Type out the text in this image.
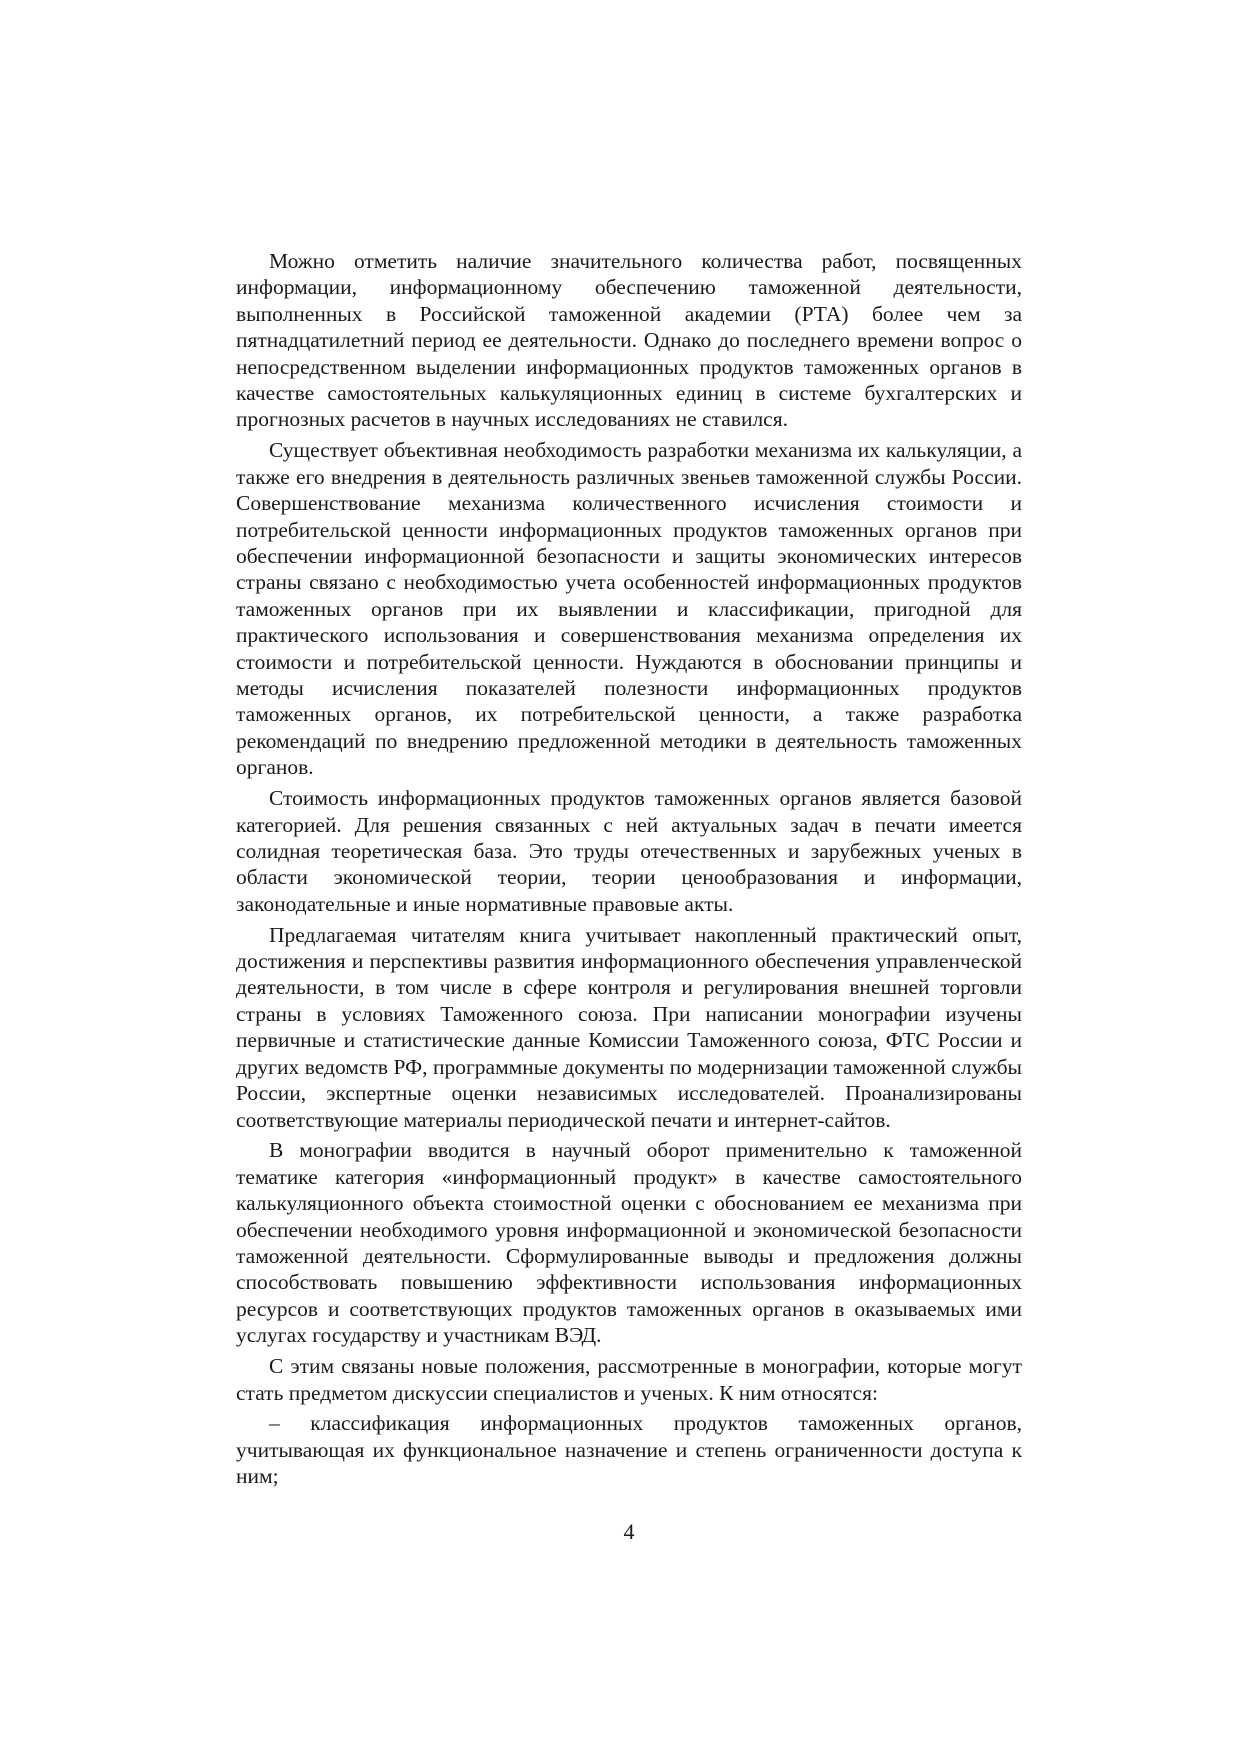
Можно отметить наличие значительного количества работ, посвященных информации, информационному обеспечению таможенной деятельности, выполненных в Российской таможенной академии (РТА) более чем за пятнадцатилетний период ее деятельности. Однако до последнего времени вопрос о непосредственном выделении информационных продуктов таможенных органов в качестве самостоятельных калькуляционных единиц в системе бухгалтерских и прогнозных расчетов в научных исследованиях не ставился.

Существует объективная необходимость разработки механизма их калькуляции, а также его внедрения в деятельность различных звеньев таможенной службы России. Совершенствование механизма количественного исчисления стоимости и потребительской ценности информационных продуктов таможенных органов при обеспечении информационной безопасности и защиты экономических интересов страны связано с необходимостью учета особенностей информационных продуктов таможенных органов при их выявлении и классификации, пригодной для практического использования и совершенствования механизма определения их стоимости и потребительской ценности. Нуждаются в обосновании принципы и методы исчисления показателей полезности информационных продуктов таможенных органов, их потребительской ценности, а также разработка рекомендаций по внедрению предложенной методики в деятельность таможенных органов.

Стоимость информационных продуктов таможенных органов является базовой категорией. Для решения связанных с ней актуальных задач в печати имеется солидная теоретическая база. Это труды отечественных и зарубежных ученых в области экономической теории, теории ценообразования и информации, законодательные и иные нормативные правовые акты.

Предлагаемая читателям книга учитывает накопленный практический опыт, достижения и перспективы развития информационного обеспечения управленческой деятельности, в том числе в сфере контроля и регулирования внешней торговли страны в условиях Таможенного союза. При написании монографии изучены первичные и статистические данные Комиссии Таможенного союза, ФТС России и других ведомств РФ, программные документы по модернизации таможенной службы России, экспертные оценки независимых исследователей. Проанализированы соответствующие материалы периодической печати и интернет-сайтов.

В монографии вводится в научный оборот применительно к таможенной тематике категория «информационный продукт» в качестве самостоятельного калькуляционного объекта стоимостной оценки с обоснованием ее механизма при обеспечении необходимого уровня информационной и экономической безопасности таможенной деятельности. Сформулированные выводы и предложения должны способствовать повышению эффективности использования информационных ресурсов и соответствующих продуктов таможенных органов в оказываемых ими услугах государству и участникам ВЭД.

С этим связаны новые положения, рассмотренные в монографии, которые могут стать предметом дискуссии специалистов и ученых. К ним относятся:

– классификация информационных продуктов таможенных органов, учитывающая их функциональное назначение и степень ограниченности доступа к ним;

4
